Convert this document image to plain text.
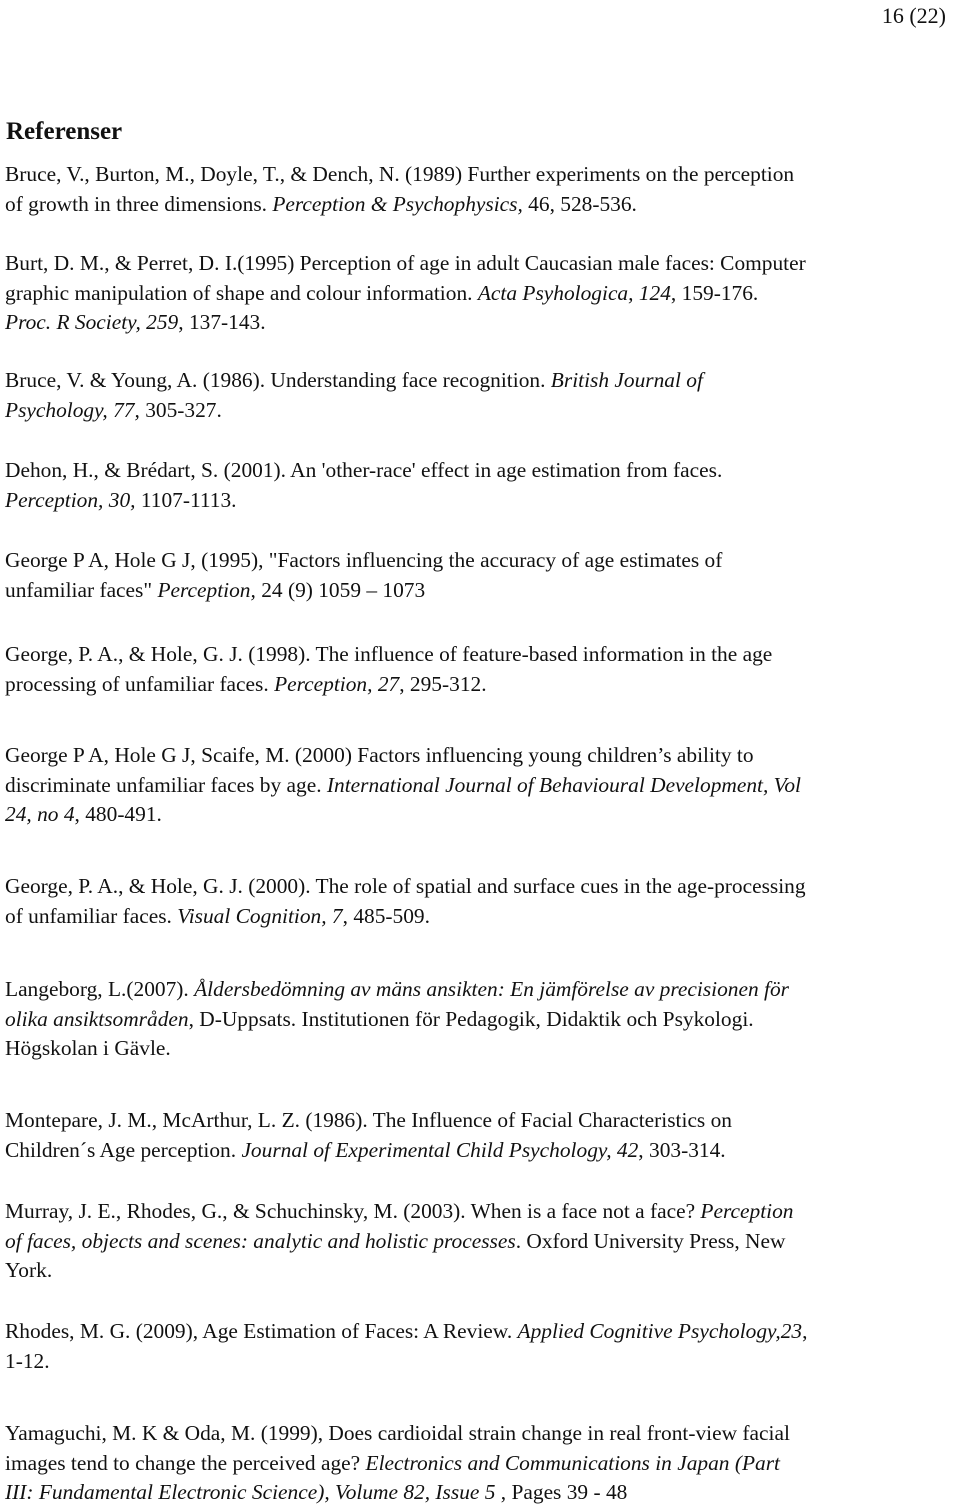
16 (22)
Referenser

Bruce, V., Burton, M., Doyle, T., & Dench, N. (1989) Further experiments on the perception
of growth in three dimensions. Perception & Psychophysics, 46, 528-536.

Burt, D. M., & Perret, D. I.(1995) Perception of age in adult Caucasian male faces: Computer
graphic manipulation of shape and colour information. Acta Psyhologica, 124, 159-176.
Proc. R Society, 259, 137-143.

Bruce, V. & Young, A. (1986). Understanding face recognition. British Journal of
Psychology, 77, 305-327.

Dehon, H., & Brédart, S. (2001). An 'other-race' effect in age estimation from faces.
Perception, 30, 1107-1113.

George P A, Hole G J, (1995), "Factors influencing the accuracy of age estimates of
unfamiliar faces" Perception, 24 (9) 1059 – 1073

George, P. A., & Hole, G. J. (1998). The influence of feature-based information in the age
processing of unfamiliar faces. Perception, 27, 295-312.

George P A, Hole G J, Scaife, M. (2000) Factors influencing young children’s ability to
discriminate unfamiliar faces by age. International Journal of Behavioural Development, Vol
24, no 4, 480-491.

George, P. A., & Hole, G. J. (2000). The role of spatial and surface cues in the age-processing
of unfamiliar faces. Visual Cognition, 7, 485-509.

Langeborg, L.(2007). Åldersbedömning av mäns ansikten: En jämförelse av precisionen för
olika ansiktsområden, D-Uppsats. Institutionen för Pedagogik, Didaktik och Psykologi.
Högskolan i Gävle.

Montepare, J. M., McArthur, L. Z. (1986). The Influence of Facial Characteristics on
Children´s Age perception. Journal of Experimental Child Psychology, 42, 303-314.

Murray, J. E., Rhodes, G., & Schuchinsky, M. (2003). When is a face not a face? Perception
of faces, objects and scenes: analytic and holistic processes. Oxford University Press, New
York.

Rhodes, M. G. (2009), Age Estimation of Faces: A Review. Applied Cognitive Psychology,23,
1-12.

Yamaguchi, M. K & Oda, M. (1999), Does cardioidal strain change in real front-view facial
images tend to change the perceived age? Electronics and Communications in Japan (Part
III: Fundamental Electronic Science), Volume 82, Issue 5 , Pages 39 - 48
